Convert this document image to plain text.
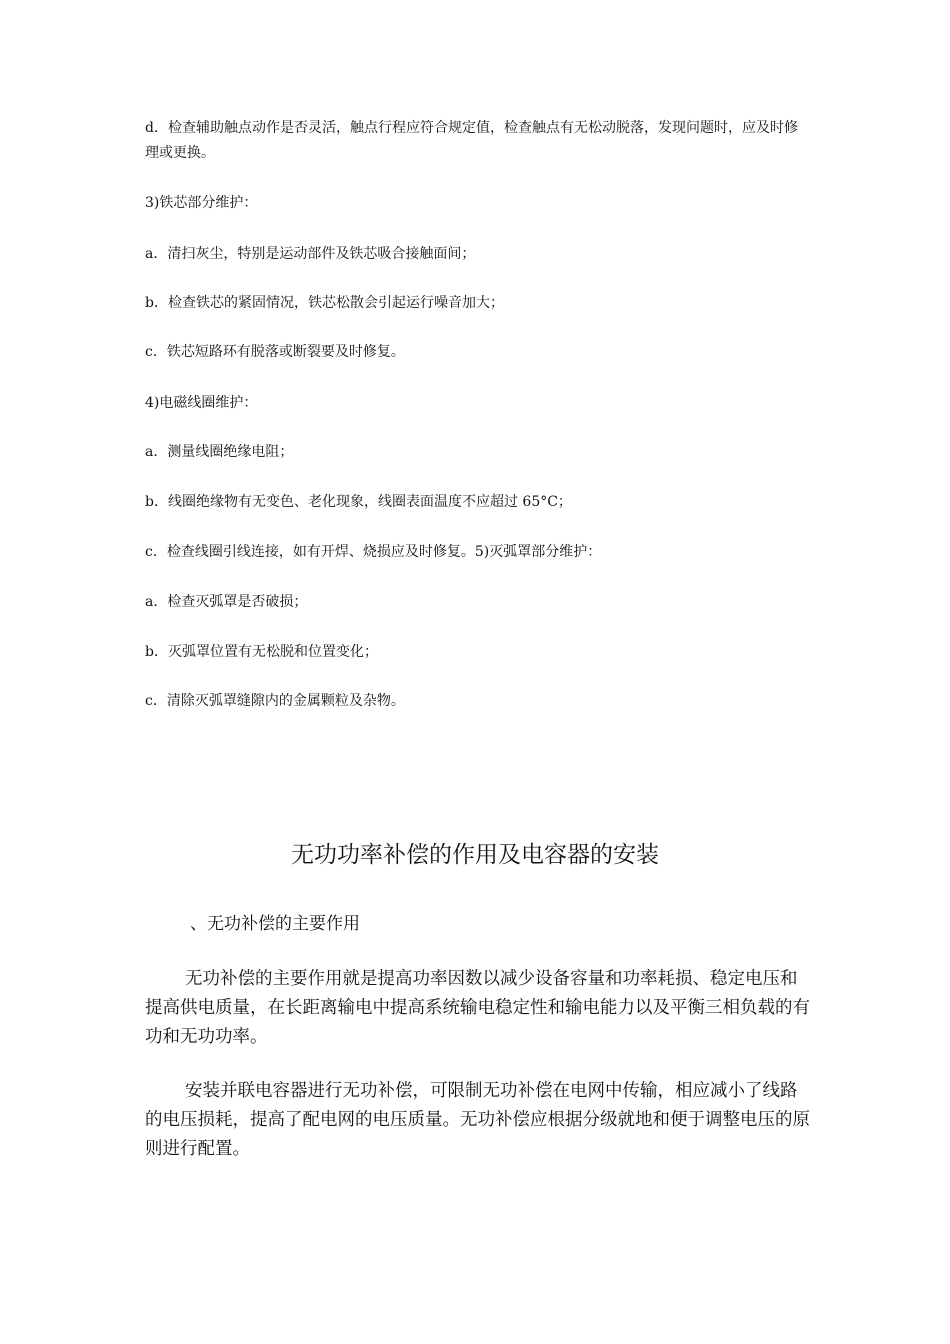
d．检查辅助触点动作是否灵活，触点行程应符合规定值，检查触点有无松动脱落，发现问题时，应及时修理或更换。

3)铁芯部分维护：

a．清扫灰尘，特别是运动部件及铁芯吸合接触面间；

b．检查铁芯的紧固情况，铁芯松散会引起运行噪音加大；

c．铁芯短路环有脱落或断裂要及时修复。

4)电磁线圈维护：

a．测量线圈绝缘电阻；

b．线圈绝缘物有无变色、老化现象，线圈表面温度不应超过 65°C；

c．检查线圈引线连接，如有开焊、烧损应及时修复。5)灭弧罩部分维护：

a．检查灭弧罩是否破损；

b．灭弧罩位置有无松脱和位置变化；

c．清除灭弧罩缝隙内的金属颗粒及杂物。

无功功率补偿的作用及电容器的安装

、无功补偿的主要作用

无功补偿的主要作用就是提高功率因数以减少设备容量和功率耗损、稳定电压和提高供电质量，在长距离输电中提高系统输电稳定性和输电能力以及平衡三相负载的有功和无功功率。

安装并联电容器进行无功补偿，可限制无功补偿在电网中传输，相应减小了线路的电压损耗，提高了配电网的电压质量。无功补偿应根据分级就地和便于调整电压的原则进行配置。
